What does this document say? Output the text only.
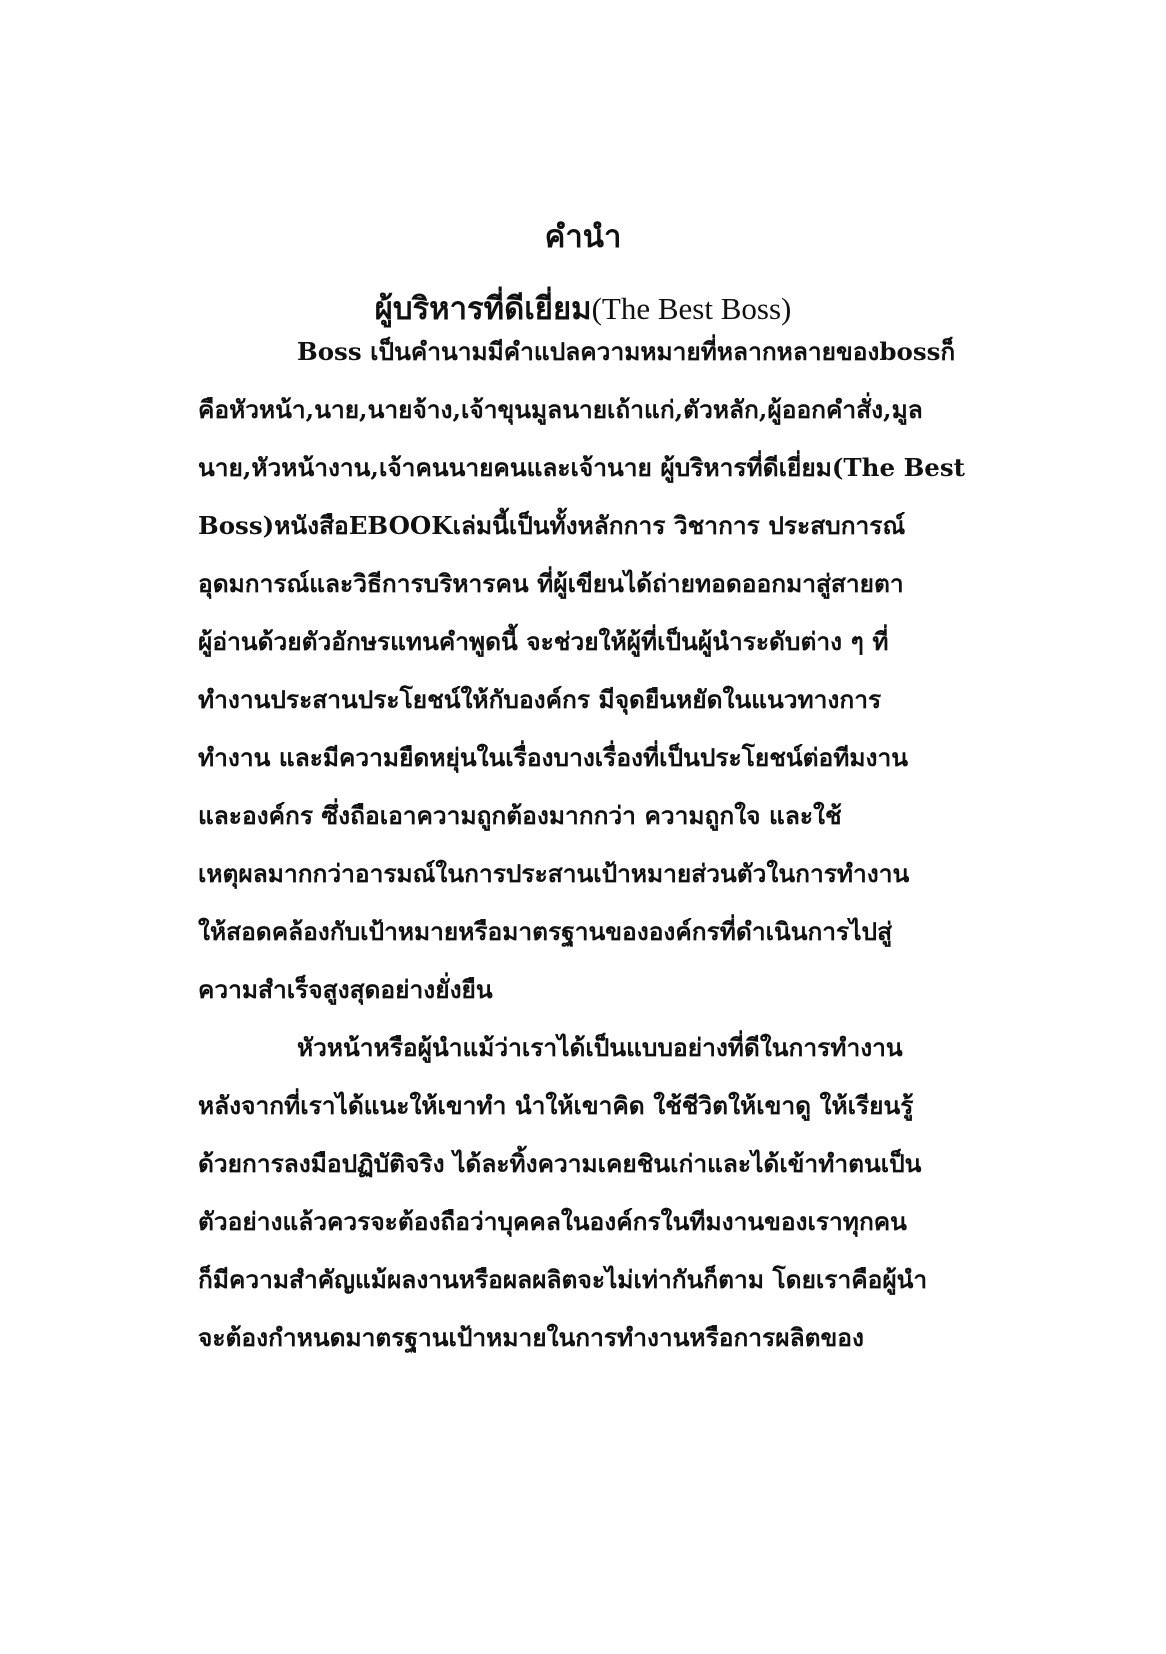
คำนำ
ผู้บริหารที่ดีเยี่ยม(The Best Boss)
Boss เป็นคำนามมีคำแปลความหมายที่หลากหลายของbossก็
คือหัวหน้า,นาย,นายจ้าง,เจ้าขุนมูลนายเถ้าแก่,ตัวหลัก,ผู้ออกคำสั่ง,มูล
นาย,หัวหน้างาน,เจ้าคนนายคนและเจ้านาย ผู้บริหารที่ดีเยี่ยม(The Best
Boss)หนังสือEBOOKเล่มนี้เป็นทั้งหลักการ วิชาการ ประสบการณ์
อุดมการณ์และวิธีการบริหารคน ที่ผู้เขียนได้ถ่ายทอดออกมาสู่สายตา
ผู้อ่านด้วยตัวอักษรแทนคำพูดนี้ จะช่วยให้ผู้ที่เป็นผู้นำระดับต่าง ๆ ที่
ทำงานประสานประโยชน์ให้กับองค์กร มีจุดยืนหยัดในแนวทางการ
ทำงาน และมีความยืดหยุ่นในเรื่องบางเรื่องที่เป็นประโยชน์ต่อทีมงาน
และองค์กร ซึ่งถือเอาความถูกต้องมากกว่า ความถูกใจ และใช้
เหตุผลมากกว่าอารมณ์ในการประสานเป้าหมายส่วนตัวในการทำงาน
ให้สอดคล้องกับเป้าหมายหรือมาตรฐานขององค์กรที่ดำเนินการไปสู่
ความสำเร็จสูงสุดอย่างยั่งยืน
หัวหน้าหรือผู้นำแม้ว่าเราได้เป็นแบบอย่างที่ดีในการทำงาน
หลังจากที่เราได้แนะให้เขาทำ นำให้เขาคิด ใช้ชีวิตให้เขาดู ให้เรียนรู้
ด้วยการลงมือปฏิบัติจริง ได้ละทิ้งความเคยชินเก่าและได้เข้าทำตนเป็น
ตัวอย่างแล้วควรจะต้องถือว่าบุคคลในองค์กรในทีมงานของเราทุกคน
ก็มีความสำคัญแม้ผลงานหรือผลผลิตจะไม่เท่ากันก็ตาม โดยเราคือผู้นำ
จะต้องกำหนดมาตรฐานเป้าหมายในการทำงานหรือการผลิตของ
